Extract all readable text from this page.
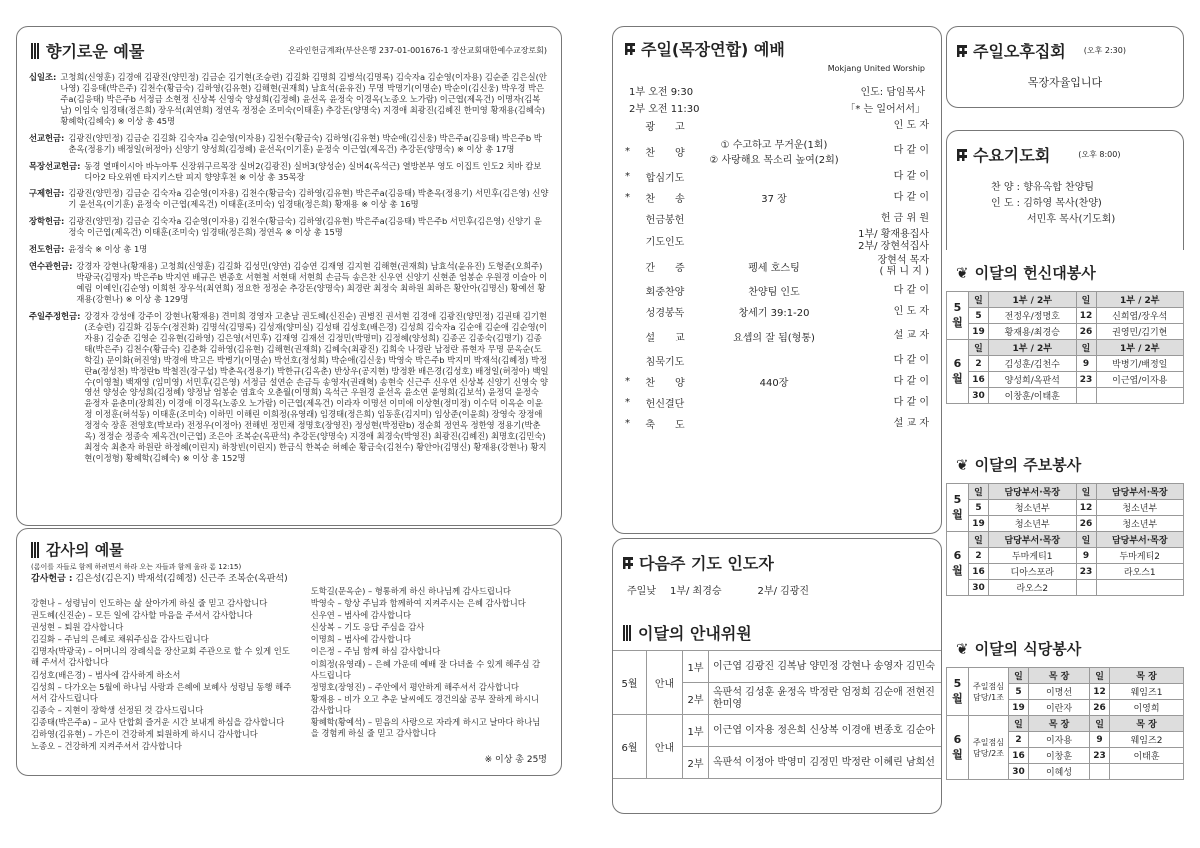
향기로운 예물	온라인헌금계좌(부산은행 237-01-001676-1 장산교회대한예수교장로회)
십일조: 고청희(신영훈) 김경애 김광진(양민정) 김금순 김기현(조승련) 김길화 김명희 김병석(김명록) 김숙자a 김순영(이자용) 김순준 김은실(안나영) 김응태(박은주) 김천수(황금숙) 김하영(김유현) 김해현(권재희) 남효석(윤유진) 무명 박명기(이명순) 박순이(김신웅) 박우경 박은주a(김응태) 박은주b 서정금 소현정 신상복 신영숙 양성희(김정혜) 윤선옥 윤정숙 이경옥(노종오 노가람) 이근엽(제옥건) 이명자(김복남) 이임숙 임경태(정은희) 장우석(최연희) 정연옥 정정순 조미숙(이태훈) 추강돈(양명숙) 지경애 최광진(김혜진 한미영 황재용(김혜숙) 황혜학(김혜숙) ※ 이상 총 45명
선교헌금: 김광진(양민정) 김금순 김길화 김숙자a 김순영(이자용) 김천수(황금숙) 김하영(김유현) 박순애(김신웅) 박은주a(김응태) 박은주b 박춘옥(정용기) 배정일(허정아) 신양기 양성희(김정혜) 윤선옥(이기훈) 윤정숙 이근엽(제옥건) 추강돈(양명숙) ※ 이상 총 17명
목장선교헌금: 동경 열매이시아 바누아투 신장위구르목장 실버2(김광진) 실버3(양성순) 실버4(옥석근) 열방본부 영도 이집트 인도2 치바 캄보디아2 타오위엔 타지키스탄 피지 향양후천 ※ 이상 총 35목장
구제헌금: 김광진(양민정) 김금순 김숙자a 김순영(이자용) 김천수(황금숙) 김하영(김유현) 박은주a(김응태) 박춘옥(정용기) 서민후(김은영) 신양기 윤선옥(이기훈) 윤정숙 이근엽(제옥건) 이태훈(조미숙) 임경태(정은희) 황재용 ※ 이상 총 16명
장학헌금: 김광진(양민정) 김금순 김숙자a 김순영(이자용) 김천수(황금숙) 김하영(김유현) 박은주a(김응태) 박은주b 서민후(김은영) 신양기 윤정숙 이근엽(제옥건) 이태훈(조미숙) 임경태(정은희) 정연옥 ※ 이상 총 15명
전도헌금: 윤정숙 ※ 이상 총 1명
연수관헌금: 강경자 강현나(황재용) 고청희(신영훈) 김길화 김성민(양연) 김승연 김재영 김지현 김해현(권재희) 남효석(윤유진) 도형준(오희주) 박광국(김명자) 박은주b 박지연 배규은 변종호 서현철 서현태 서현희 손금득 송은찬 신우연 신양기 신현준 엄봉순 우원경 이슬아 이예림 이예인(김순영) 이희헌 장우석(최연희) 정요한 정정순 추강돈(양명숙) 최경란 최정숙 최하원 최하은 황안아(김명신) 황예선 황재용(강현나) ※ 이상 총 129명
주일주정헌금: 강경자 강성애 강주이 강현나(황재용) 견미희 경영자 고춘남 권도혜(신진순) 권병진 권서현 김경애 김광진(양민정) 김권태 김기현(조승련) 김길화 김동수(정진화) 김명석(김명록) 김성재(양미실) 김성태 김성호(배은경) 김성희 김숙자a 김순애 김순애 김순영(이자용) 김승준 김영순 김유현(김하영) 김은영(서민후) 김재영 김재선 김정민(박명미) 김정혜(양성희) 김종곤 김종숙(김명기) 김종태(박은주) 김천수(황금숙) 김춘화 김하영(김유현) 김해현(권재희) 김혜숙(최광진) 김희숙 나경란 남정란 류현자 무명 문옥순(도학길) 문이화(허진영) 박경애 박고은 박병기(이명순) 박선호(정성희) 박순애(김신웅) 박영숙 박은주b 박지미 박재석(김혜정) 박정란a(정성천) 박정란b 박철진(장구섭) 박춘옥(정용기) 박한규(김옥춘) 반상우(공지현) 방정환 배은경(김성호) 배정일(허정아) 백일수(이영철) 백재영 (임미영) 서민후(김은영) 서정금 설연순 손금득 송영자(권래혁) 송현숙 신근주 신우연 신상복 신양기 신영숙 양영선 양성순 양성희(김정혜) 양정남 엄봉순 염효숙 오춘월(이명희) 옥석근 우원경 윤선옥 윤소연 윤영희(김보석) 윤정덕 윤정숙 윤정자 윤춘미(장희진) 이경애 이경옥(노종오 노가람) 이근엽(제옥건) 이라자 이명선 이미애 이상현(정미정) 이수덕 이옥순 이윤정 이정훈(허석동) 이태훈(조미숙) 이하민 이해린 이희정(유영래) 임경태(정은희) 임동훈(김지미) 임상준(이윤희) 장영숙 장정애 정정숙 장훈 전영호(박보라) 전정우(이정아) 전해빈 정민채 정명호(장영진) 정성현(박정란b) 정순희 정연옥 정한영 정용기(박춘옥) 정정순 정종숙 제옥건(이근엽) 조은아 조복순(옥판석) 추강돈(양명숙) 지경애 최경숙(박영진) 최광진(김혜진) 최명호(김민숙) 최정숙 최춘자 하원란 하정혜(이린지) 하창빈(이린지) 한금식 한복순 허혜순 황금숙(김천수) 황안아(김명신) 황재용(강현나) 황지현(이정형) 황혜학(김혜숙) ※ 이상 총 152명
감사의 예물
(롬이를 자들로 함께 하려면서 하라 오는 자들과 함께 울라 롬 12:15)
감사헌금 : 김은성(김은지) 박재석(김혜정) 신근주 조복순(옥판석)
강현나 – 성령님이 인도하는 삶 살아가게 하실 줄 믿고 감사합니다
권도혜(신진순) – 모든 일에 감사할 마음을 주셔서 감사합니다
권성현 – 퇴원 감사합니다
김길화 – 주님의 은혜로 채워주심을 감사드립니다
김명자(박광국) – 어머니의 장례식을 장산교회 주관으로 할 수 있게 인도해 주셔서 감사합니다
김성호(배은경) – 범사에 감사하게 하소서
김성희 – 다가오는 5월에 하나님 사랑과 은혜에 보혜사 성령님 동행 해주셔서 감사드립니다
김종숙 – 지현이 장학생 선정된 것 감사드립니다
김종태(박은주a) – 교사 단합회 즐거운 시간 보내게 하심을 감사합니다
김하영(김유현) – 가은이 건강하게 퇴원하게 하시니 감사합니다
노종오 – 건강하게 지켜주셔서 감사합니다
도학길(문옥순) – 형통하게 하신 하나님께 감사드립니다
박영숙 – 항상 주님과 함께하여 지켜주시는 은혜 감사합니다
신우연 – 범사에 감사합니다
신상복 – 기도 응답 주심을 감사
이명희 – 범사에 감사합니다
이은정 – 주님 함께 하심 감사합니다
이희정(유영래) – 은혜 가운데 예배 잘 다녀올 수 있게 해주심 감사드립니다
정명호(장영진) – 주안에서 평안하게 해주셔서 감사합니다
황재용 – 비가 오고 추운 날씨에도 경건의삶 공부 잘하게 하시니 감사합니다
황혜학(황예석) – 믿음의 사랑으로 자라게 하시고 날마다 하나님을 경험케 하실 줄 믿고 감사합니다
※ 이상 총 25명
주일(목장연합) 예배
Mokjang United Worship
1부 오전 9:30	인도: 담임목사
2부 오전 11:30	「* 는 일어서서」
	광　　고		인 도 자
*	찬　　양	① 수고하고 무거운(1회)
② 사랑해요 목소리 높여(2회)	다 같 이
*	합심기도		다 같 이
*	찬　　송	37 장	다 같 이
	헌금봉헌		헌 금 위 원
	기도인도		1부/ 황재용집사
2부/ 장현석집사
	간　　증	펭세 호스팅	장현석 목자
( 튀 니 지 )
	회중찬양	찬양팀 인도	다 같 이
	성경봉독	창세기 39:1-20	인 도 자
	설　　교	요셉의 잘 됨(형통)	설 교 자
	침묵기도		다 같 이
*	찬　　양	440장	다 같 이
*	헌신결단		다 같 이
*	축　　도		설 교 자
다음주 기도 인도자
주일낮 1부/ 최경승	2부/ 김광진
이달의 안내위원
5월	안내	1부	이근엽 김광진 김복남 양민정 강현나 송영자 김민숙
		2부	옥판석 김성훈 윤정옥 박정란 엄정희 김순애 전현진 한미영
6월	안내	1부	이근엽 이자용 정은희 신상복 이경애 변종호 김순아
		2부	옥판석 이정아 박영미 김정민 박정란 이혜린 남희선
주일오후집회 (오후 2:30)
목장자율입니다
수요기도회	(오후 8:00)
찬 양 : 향유옥합 찬양팀
인 도 : 김하영 목사(찬양)
서민후 목사(기도회)
❦ 이달의 헌신대봉사
5
월	일	1부 / 2부	일	1부 / 2부
	5	전정우/정명호	12	신희엽/장우석
	19	황재용/최경승	26	권영민/김기현
6
월	일	1부 / 2부	일	1부 / 2부
	2	김성훈/김천수	9	박병기/배정일
	16	양성희/옥판석	23	이근엽/이자용
	30	이창훈/이태훈		
❦ 이달의 주보봉사
5
월	일	담당부서·목장	일	담당부서·목장
	5	청소년부	12	청소년부
	19	청소년부	26	청소년부
6
월	일	담당부서·목장	일	담당부서·목장
	2	두마게티1	9	두마게티2
	16	디아스포라	23	라오스1
	30	라오스2		
❦ 이달의 식당봉사
5
월	주일점심
담당/1조	일	목 장	일	목 장
		5	이명선	12	웨임즈1
		19	이란자	26	이영희
6
월	주일점심
담당/2조	일	목 장	일	목 장
		2	이자용	9	웨임즈2
		16	이창훈	23	이태훈
		30	이혜성		
